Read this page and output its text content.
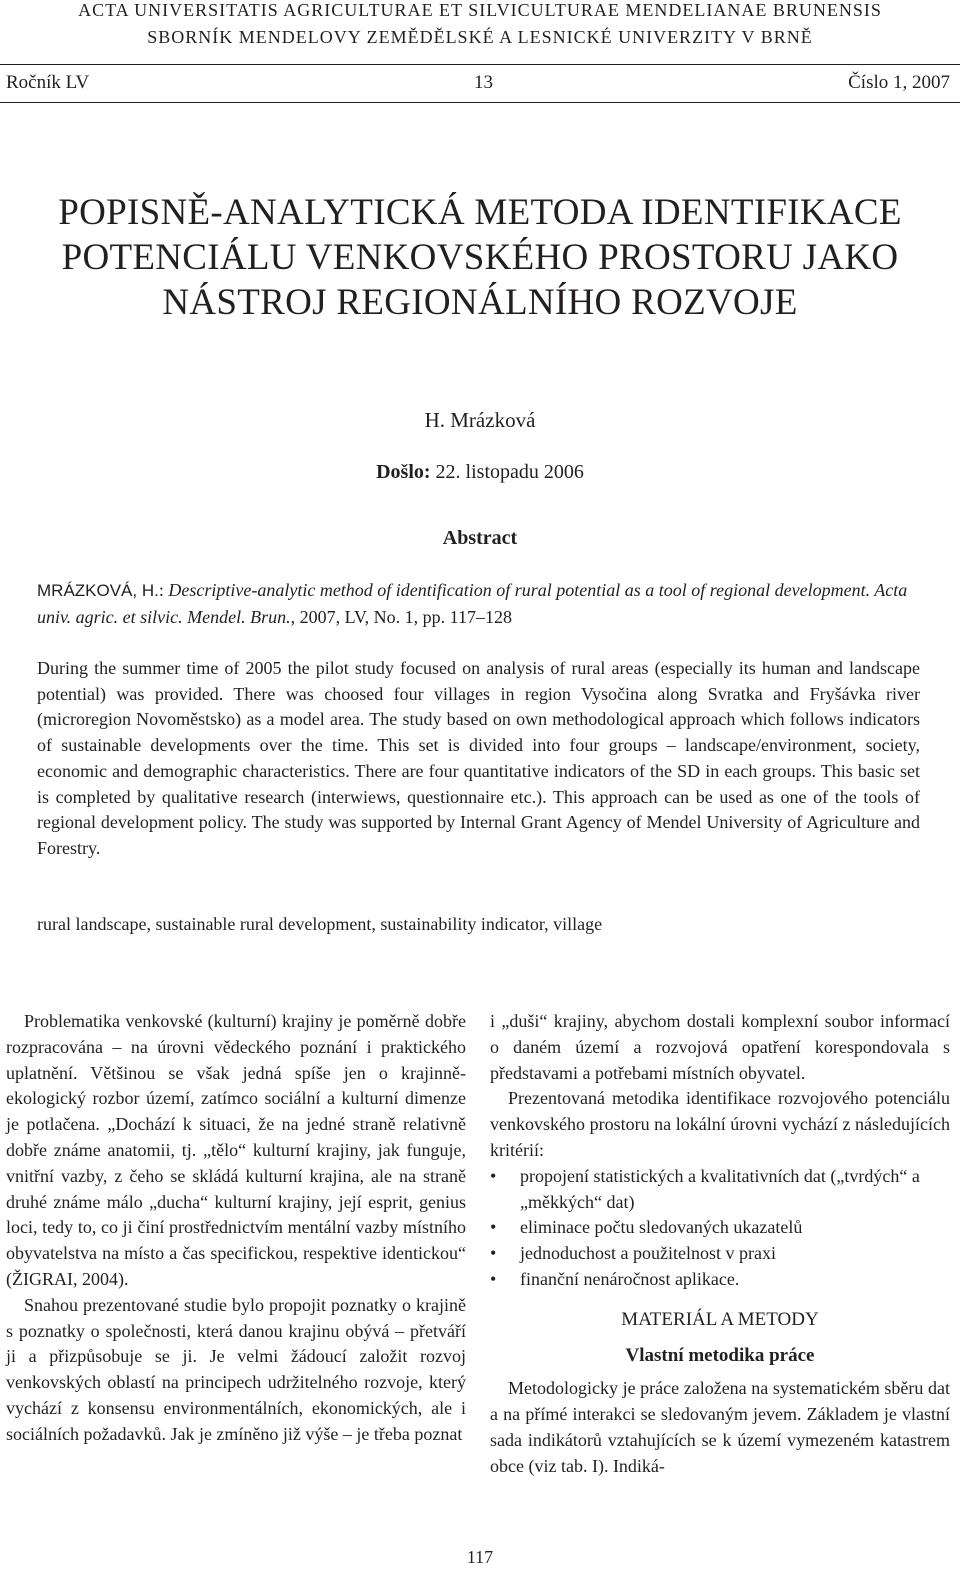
ACTA UNIVERSITATIS AGRICULTURAE ET SILVICULTURAE MENDELIANAE BRUNENSIS
SBORNÍK MENDELOVY ZEMĚDĚLSKÉ A LESNICKÉ UNIVERZITY V BRNĚ
Ročník LV	13	Číslo 1, 2007
POPISNĚ-ANALYTICKÁ METODA IDENTIFIKACE
POTENCIÁLU VENKOVSKÉHO PROSTORU JAKO
NÁSTROJ REGIONÁLNÍHO ROZVOJE
H. Mrázková
Došlo: 22. listopadu 2006
Abstract
MRÁZKOVÁ, H.: Descriptive-analytic method of identification of rural potential as a tool of regional development. Acta univ. agric. et silvic. Mendel. Brun., 2007, LV, No. 1, pp. 117–128
During the summer time of 2005 the pilot study focused on analysis of rural areas (especially its human and landscape potential) was provided. There was choosed four villages in region Vysočina along Svratka and Fryšávka river (microregion Novoměstsko) as a model area. The study based on own methodological approach which follows indicators of sustainable developments over the time. This set is divided into four groups – landscape/environment, society, economic and demographic characteristics. There are four quantitative indicators of the SD in each groups. This basic set is completed by qualitative research (interwiews, questionnaire etc.). This approach can be used as one of the tools of regional development policy. The study was supported by Internal Grant Agency of Mendel University of Agriculture and Forestry.
rural landscape, sustainable rural development, sustainability indicator, village

Problematika venkovské (kulturní) krajiny je poměrně dobře rozpracována – na úrovni vědeckého poznání i praktického uplatnění. Většinou se však jedná spíše jen o krajinně-ekologický rozbor území, zatímco sociální a kulturní dimenze je potlačena. „Dochází k situaci, že na jedné straně relativně dobře známe anatomii, tj. „tělo“ kulturní krajiny, jak funguje, vnitřní vazby, z čeho se skládá kulturní krajina, ale na straně druhé známe málo „ducha“ kulturní krajiny, její esprit, genius loci, tedy to, co ji činí prostřednictvím mentální vazby místního obyvatelstva na místo a čas specifickou, respektive identickou“ (ŽIGRAI, 2004).

Snahou prezentované studie bylo propojit poznatky o krajině s poznatky o společnosti, která danou krajinu obývá – přetváří ji a přizpůsobuje se ji. Je velmi žádoucí založit rozvoj venkovských oblastí na principech udržitelného rozvoje, který vychází z konsensu environmentálních, ekonomických, ale i sociálních požadavků. Jak je zmíněno již výše – je třeba poznat

i „duši“ krajiny, abychom dostali komplexní soubor informací o daném území a rozvojová opatření korespondovala s představami a potřebami místních obyvatel.

Prezentovaná metodika identifikace rozvojového potenciálu venkovského prostoru na lokální úrovni vychází z následujících kritérií:

• propojení statistických a kvalitativních dat („tvrdých“ a „měkkých“ dat)
• eliminace počtu sledovaných ukazatelů
• jednoduchost a použitelnost v praxi
• finanční nenáročnost aplikace.
MATERIÁL A METODY
Vlastní metodika práce

Metodologicky je práce založena na systematickém sběru dat a na přímé interakci se sledovaným jevem. Základem je vlastní sada indikátorů vztahujících se k území vymezeném katastrem obce (viz tab. I). Indiká-

117
